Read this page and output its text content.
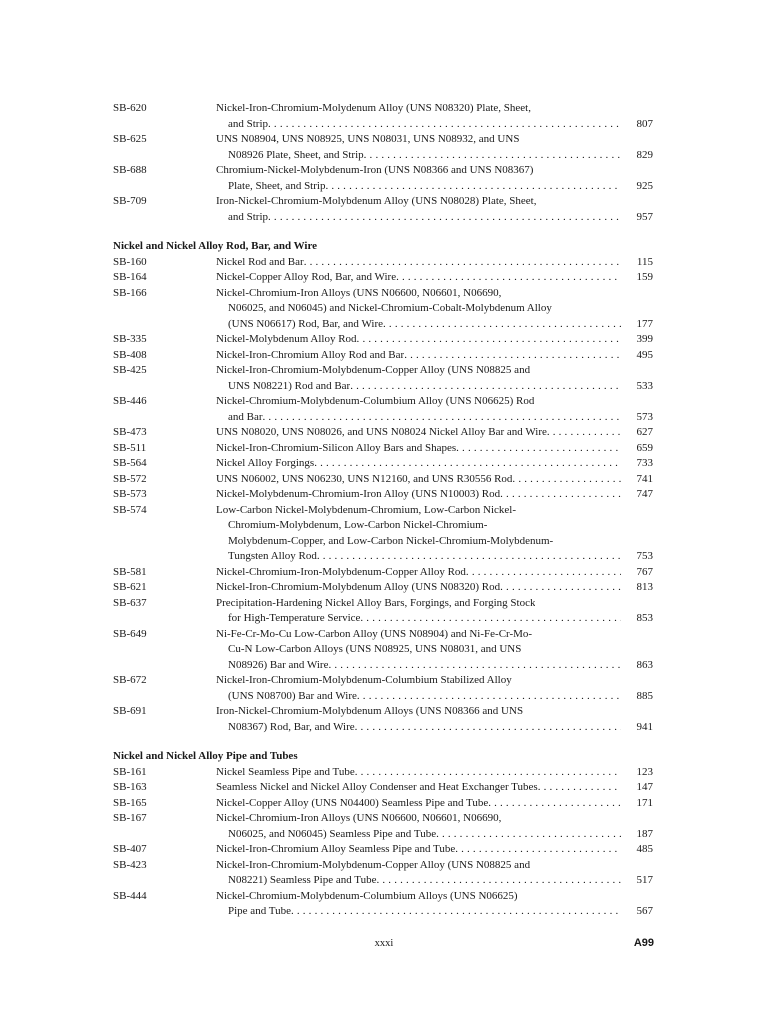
SB-620	Nickel-Iron-Chromium-Molydenum Alloy (UNS N08320) Plate, Sheet,
and Strip . . .	807
SB-625	UNS N08904, UNS N08925, UNS N08031, UNS N08932, and UNS
N08926 Plate, Sheet, and Strip . . .	829
SB-688	Chromium-Nickel-Molybdenum-Iron (UNS N08366 and UNS N08367)
Plate, Sheet, and Strip . . .	925
SB-709	Iron-Nickel-Chromium-Molybdenum Alloy (UNS N08028) Plate, Sheet,
and Strip . . .	957
Nickel and Nickel Alloy Rod, Bar, and Wire
SB-160	Nickel Rod and Bar . . .	115
SB-164	Nickel-Copper Alloy Rod, Bar, and Wire . . .	159
SB-166	Nickel-Chromium-Iron Alloys (UNS N06600, N06601, N06690,
N06025, and N06045) and Nickel-Chromium-Cobalt-Molybdenum Alloy
(UNS N06617) Rod, Bar, and Wire . . .	177
SB-335	Nickel-Molybdenum Alloy Rod . . .	399
SB-408	Nickel-Iron-Chromium Alloy Rod and Bar . . .	495
SB-425	Nickel-Iron-Chromium-Molybdenum-Copper Alloy (UNS N08825 and
UNS N08221) Rod and Bar . . .	533
SB-446	Nickel-Chromium-Molybdenum-Columbium Alloy (UNS N06625) Rod
and Bar . . .	573
SB-473	UNS N08020, UNS N08026, and UNS N08024 Nickel Alloy Bar and Wire . . .	627
SB-511	Nickel-Iron-Chromium-Silicon Alloy Bars and Shapes . . .	659
SB-564	Nickel Alloy Forgings . . .	733
SB-572	UNS N06002, UNS N06230, UNS N12160, and UNS R30556 Rod . . .	741
SB-573	Nickel-Molybdenum-Chromium-Iron Alloy (UNS N10003) Rod . . .	747
SB-574	Low-Carbon Nickel-Molybdenum-Chromium, Low-Carbon Nickel-
Chromium-Molybdenum, Low-Carbon Nickel-Chromium-
Molybdenum-Copper, and Low-Carbon Nickel-Chromium-Molybdenum-
Tungsten Alloy Rod . . .	753
SB-581	Nickel-Chromium-Iron-Molybdenum-Copper Alloy Rod . . .	767
SB-621	Nickel-Iron-Chromium-Molybdenum Alloy (UNS N08320) Rod . . .	813
SB-637	Precipitation-Hardening Nickel Alloy Bars, Forgings, and Forging Stock
for High-Temperature Service . . .	853
SB-649	Ni-Fe-Cr-Mo-Cu Low-Carbon Alloy (UNS N08904) and Ni-Fe-Cr-Mo-
Cu-N Low-Carbon Alloys (UNS N08925, UNS N08031, and UNS
N08926) Bar and Wire . . .	863
SB-672	Nickel-Iron-Chromium-Molybdenum-Columbium Stabilized Alloy
(UNS N08700) Bar and Wire . . .	885
SB-691	Iron-Nickel-Chromium-Molybdenum Alloys (UNS N08366 and UNS
N08367) Rod, Bar, and Wire . . .	941
Nickel and Nickel Alloy Pipe and Tubes
SB-161	Nickel Seamless Pipe and Tube . . .	123
SB-163	Seamless Nickel and Nickel Alloy Condenser and Heat Exchanger Tubes . . .	147
SB-165	Nickel-Copper Alloy (UNS N04400) Seamless Pipe and Tube . . .	171
SB-167	Nickel-Chromium-Iron Alloys (UNS N06600, N06601, N06690,
N06025, and N06045) Seamless Pipe and Tube . . .	187
SB-407	Nickel-Iron-Chromium Alloy Seamless Pipe and Tube . . .	485
SB-423	Nickel-Iron-Chromium-Molybdenum-Copper Alloy (UNS N08825 and
N08221) Seamless Pipe and Tube . . .	517
SB-444	Nickel-Chromium-Molybdenum-Columbium Alloys (UNS N06625)
Pipe and Tube . . .	567
xxxi	A99
